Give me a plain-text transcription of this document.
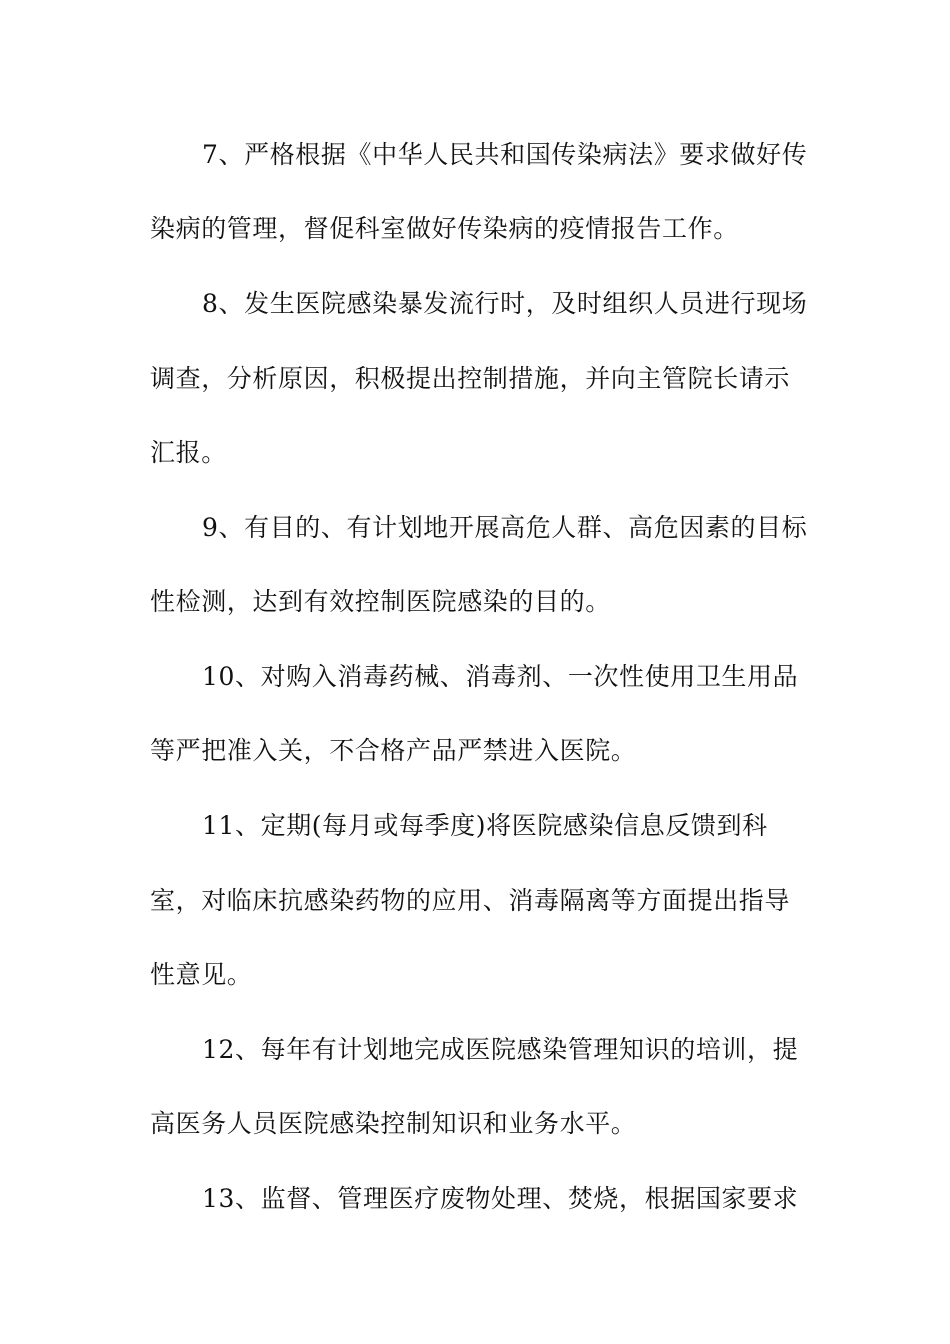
7、严格根据《中华人民共和国传染病法》要求做好传
染病的管理，督促科室做好传染病的疫情报告工作。
8、发生医院感染暴发流行时，及时组织人员进行现场
调查，分析原因，积极提出控制措施，并向主管院长请示
汇报。
9、有目的、有计划地开展高危人群、高危因素的目标
性检测，达到有效控制医院感染的目的。
10、对购入消毒药械、消毒剂、一次性使用卫生用品
等严把准入关，不合格产品严禁进入医院。
11、定期(每月或每季度)将医院感染信息反馈到科
室，对临床抗感染药物的应用、消毒隔离等方面提出指导
性意见。
12、每年有计划地完成医院感染管理知识的培训，提
高医务人员医院感染控制知识和业务水平。
13、监督、管理医疗废物处理、焚烧，根据国家要求
